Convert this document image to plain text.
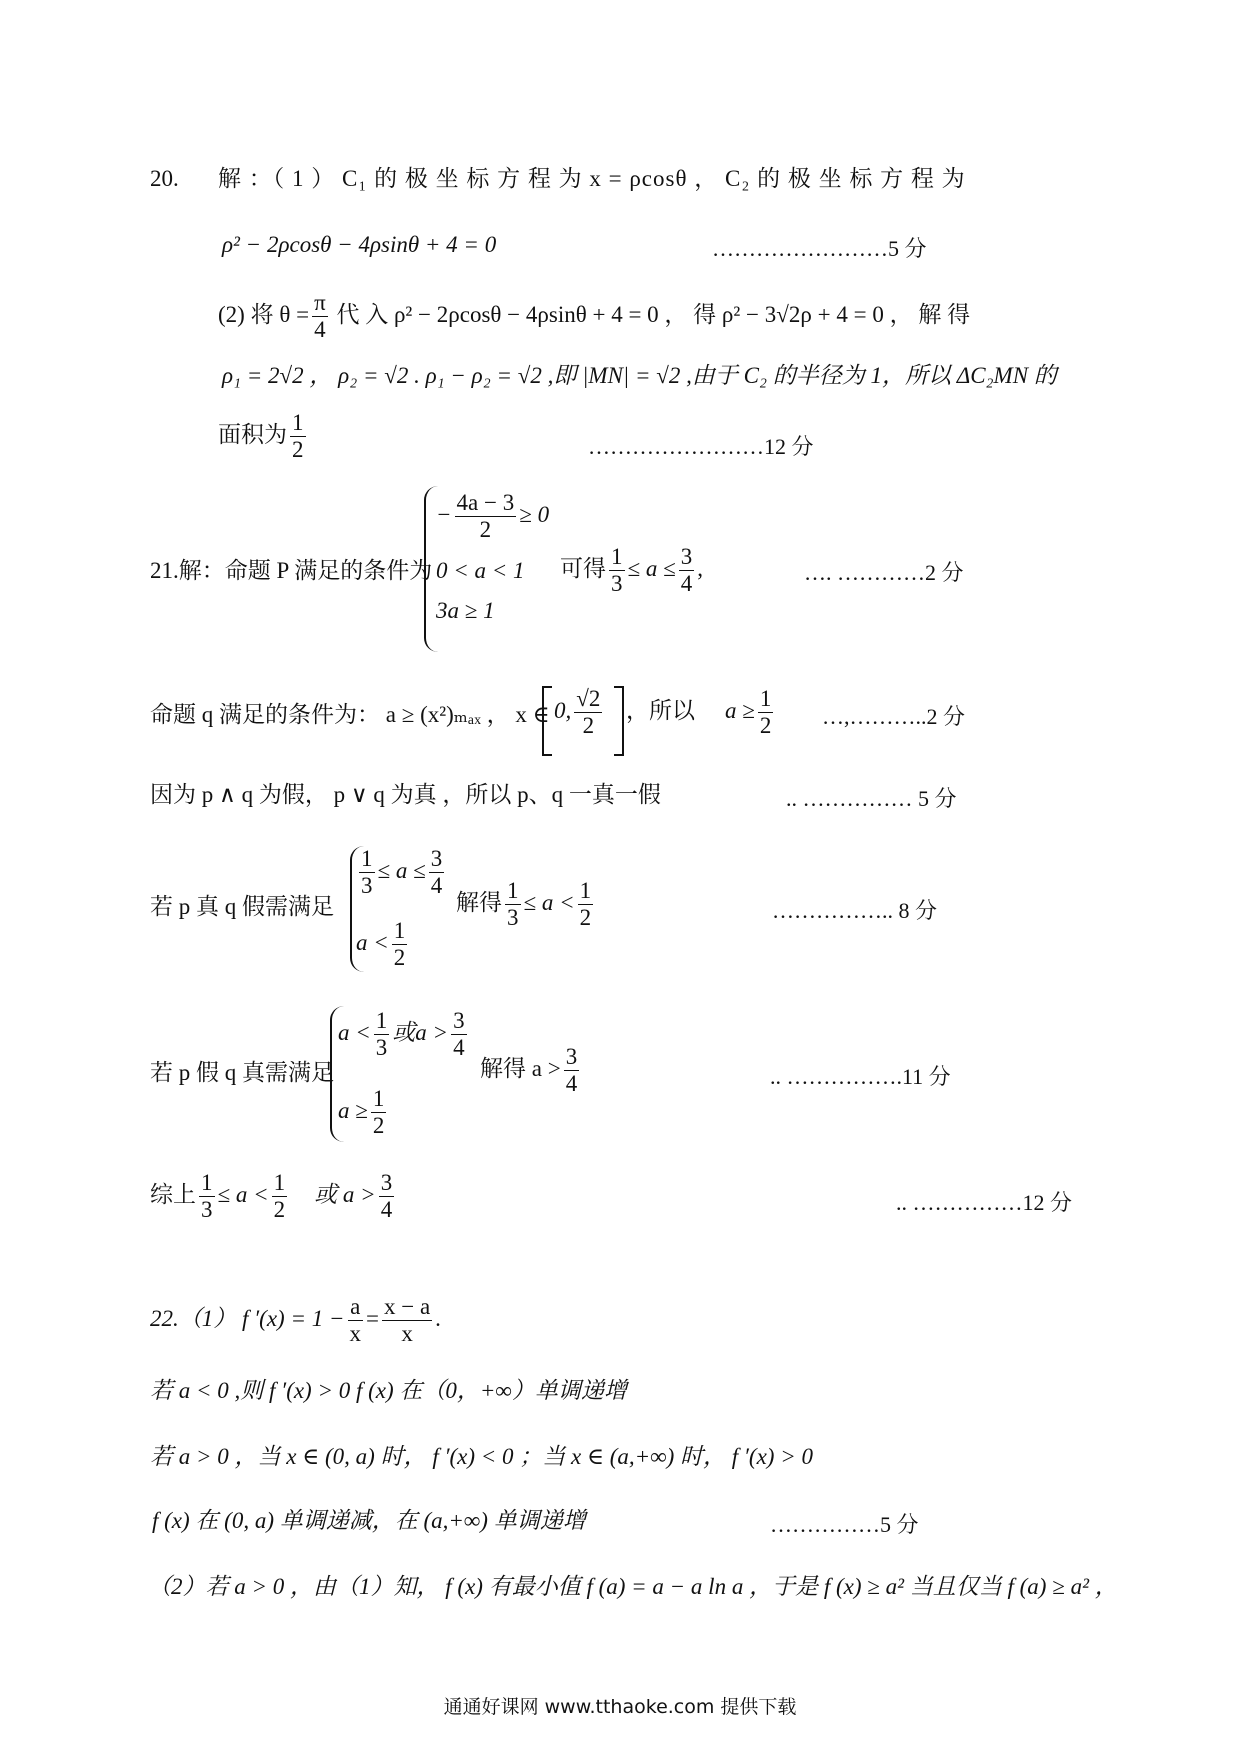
20. 解 ：（ 1 ） C₁ 的 极 坐 标 方 程 为 x = ρcosθ ， C₂ 的 极 坐 标 方 程 为
ρ² − 2ρcosθ − 4ρsinθ + 4 = 0	……………………5 分
(2) 将 $\theta = \frac{\pi}{4}$ 代 入 ρ² − 2ρcosθ − 4ρsinθ + 4 = 0 ， 得 ρ² − 3√2ρ + 4 = 0 ， 解 得
ρ₁ = 2√2 ， ρ₂ = √2 . ρ₁ − ρ₂ = √2 ,即 |MN| = √2 ,由于 C₂ 的半径为 1，所以 ΔC₂MN 的
面积为 $\frac{1}{2}$	……………………12 分
21.解：命题 P 满足的条件为
− $\frac{4a - 3}{2} \ge 0$
0 < a < 1
3a ≥ 1
可得 $\frac{1}{3} \le a \le \frac{3}{4}$ ,	…. …………2 分
命题 q 满足的条件为： a ≥ (x²)ₘₐₓ ， x ∈ 0, $\frac{√2}{2}$ ，所以 $a \ge \frac{1}{2}$ …,………..2 分
因为 p ∧ q 为假， p ∨ q 为真 ，所以 p、q 一真一假	.. …………… 5 分
若 p 真 q 假需满足
$\frac{1}{3} \le a \le \frac{3}{4}$
$a < \frac{1}{2}$
解得 $\frac{1}{3} \le a < \frac{1}{2}$	…………….. 8 分
若 p 假 q 真需满足
$a < \frac{1}{3}$ 或$a > \frac{3}{4}$
$a \ge \frac{1}{2}$
解得 $a > \frac{3}{4}$	.. …………….11 分
综上 $\frac{1}{3} \le a < \frac{1}{2}$ 或 $a > \frac{3}{4}$	.. ……………12 分
22.（1） f $'(x) = 1 - \frac{a}{x} = \frac{x - a}{x}$ .
若 a < 0 ,则 f ′(x) > 0 f (x) 在（0，+∞）单调递增
若 a > 0 ，当 x ∈ (0, a) 时， f ′(x) < 0 ；当 x ∈ (a,+∞) 时， f ′(x) > 0
f (x) 在 (0, a) 单调递减，在 (a,+∞) 单调递增	……………5 分
（2）若 a > 0 ，由（1）知， f (x) 有最小值 f (a) = a − a ln a ，于是 f (x) ≥ a² 当且仅当 f (a) ≥ a² ，
通通好课网 www.tthaoke.com 提供下载
